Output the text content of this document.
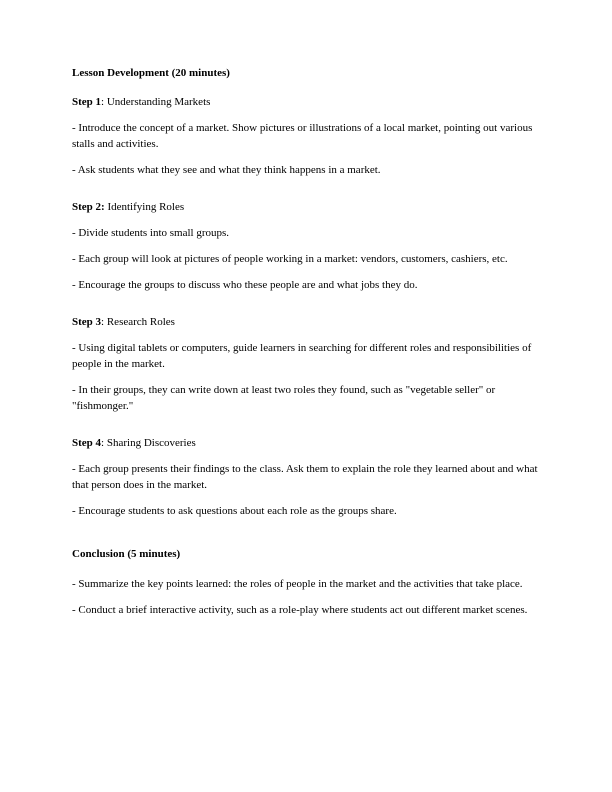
Lesson Development (20 minutes)
Step 1: Understanding Markets
- Introduce the concept of a market. Show pictures or illustrations of a local market, pointing out various stalls and activities.
- Ask students what they see and what they think happens in a market.
Step 2: Identifying Roles
- Divide students into small groups.
- Each group will look at pictures of people working in a market: vendors, customers, cashiers, etc.
- Encourage the groups to discuss who these people are and what jobs they do.
Step 3: Research Roles
- Using digital tablets or computers, guide learners in searching for different roles and responsibilities of people in the market.
- In their groups, they can write down at least two roles they found, such as "vegetable seller" or "fishmonger."
Step 4: Sharing Discoveries
- Each group presents their findings to the class. Ask them to explain the role they learned about and what that person does in the market.
- Encourage students to ask questions about each role as the groups share.
Conclusion (5 minutes)
- Summarize the key points learned: the roles of people in the market and the activities that take place.
- Conduct a brief interactive activity, such as a role-play where students act out different market scenes.
